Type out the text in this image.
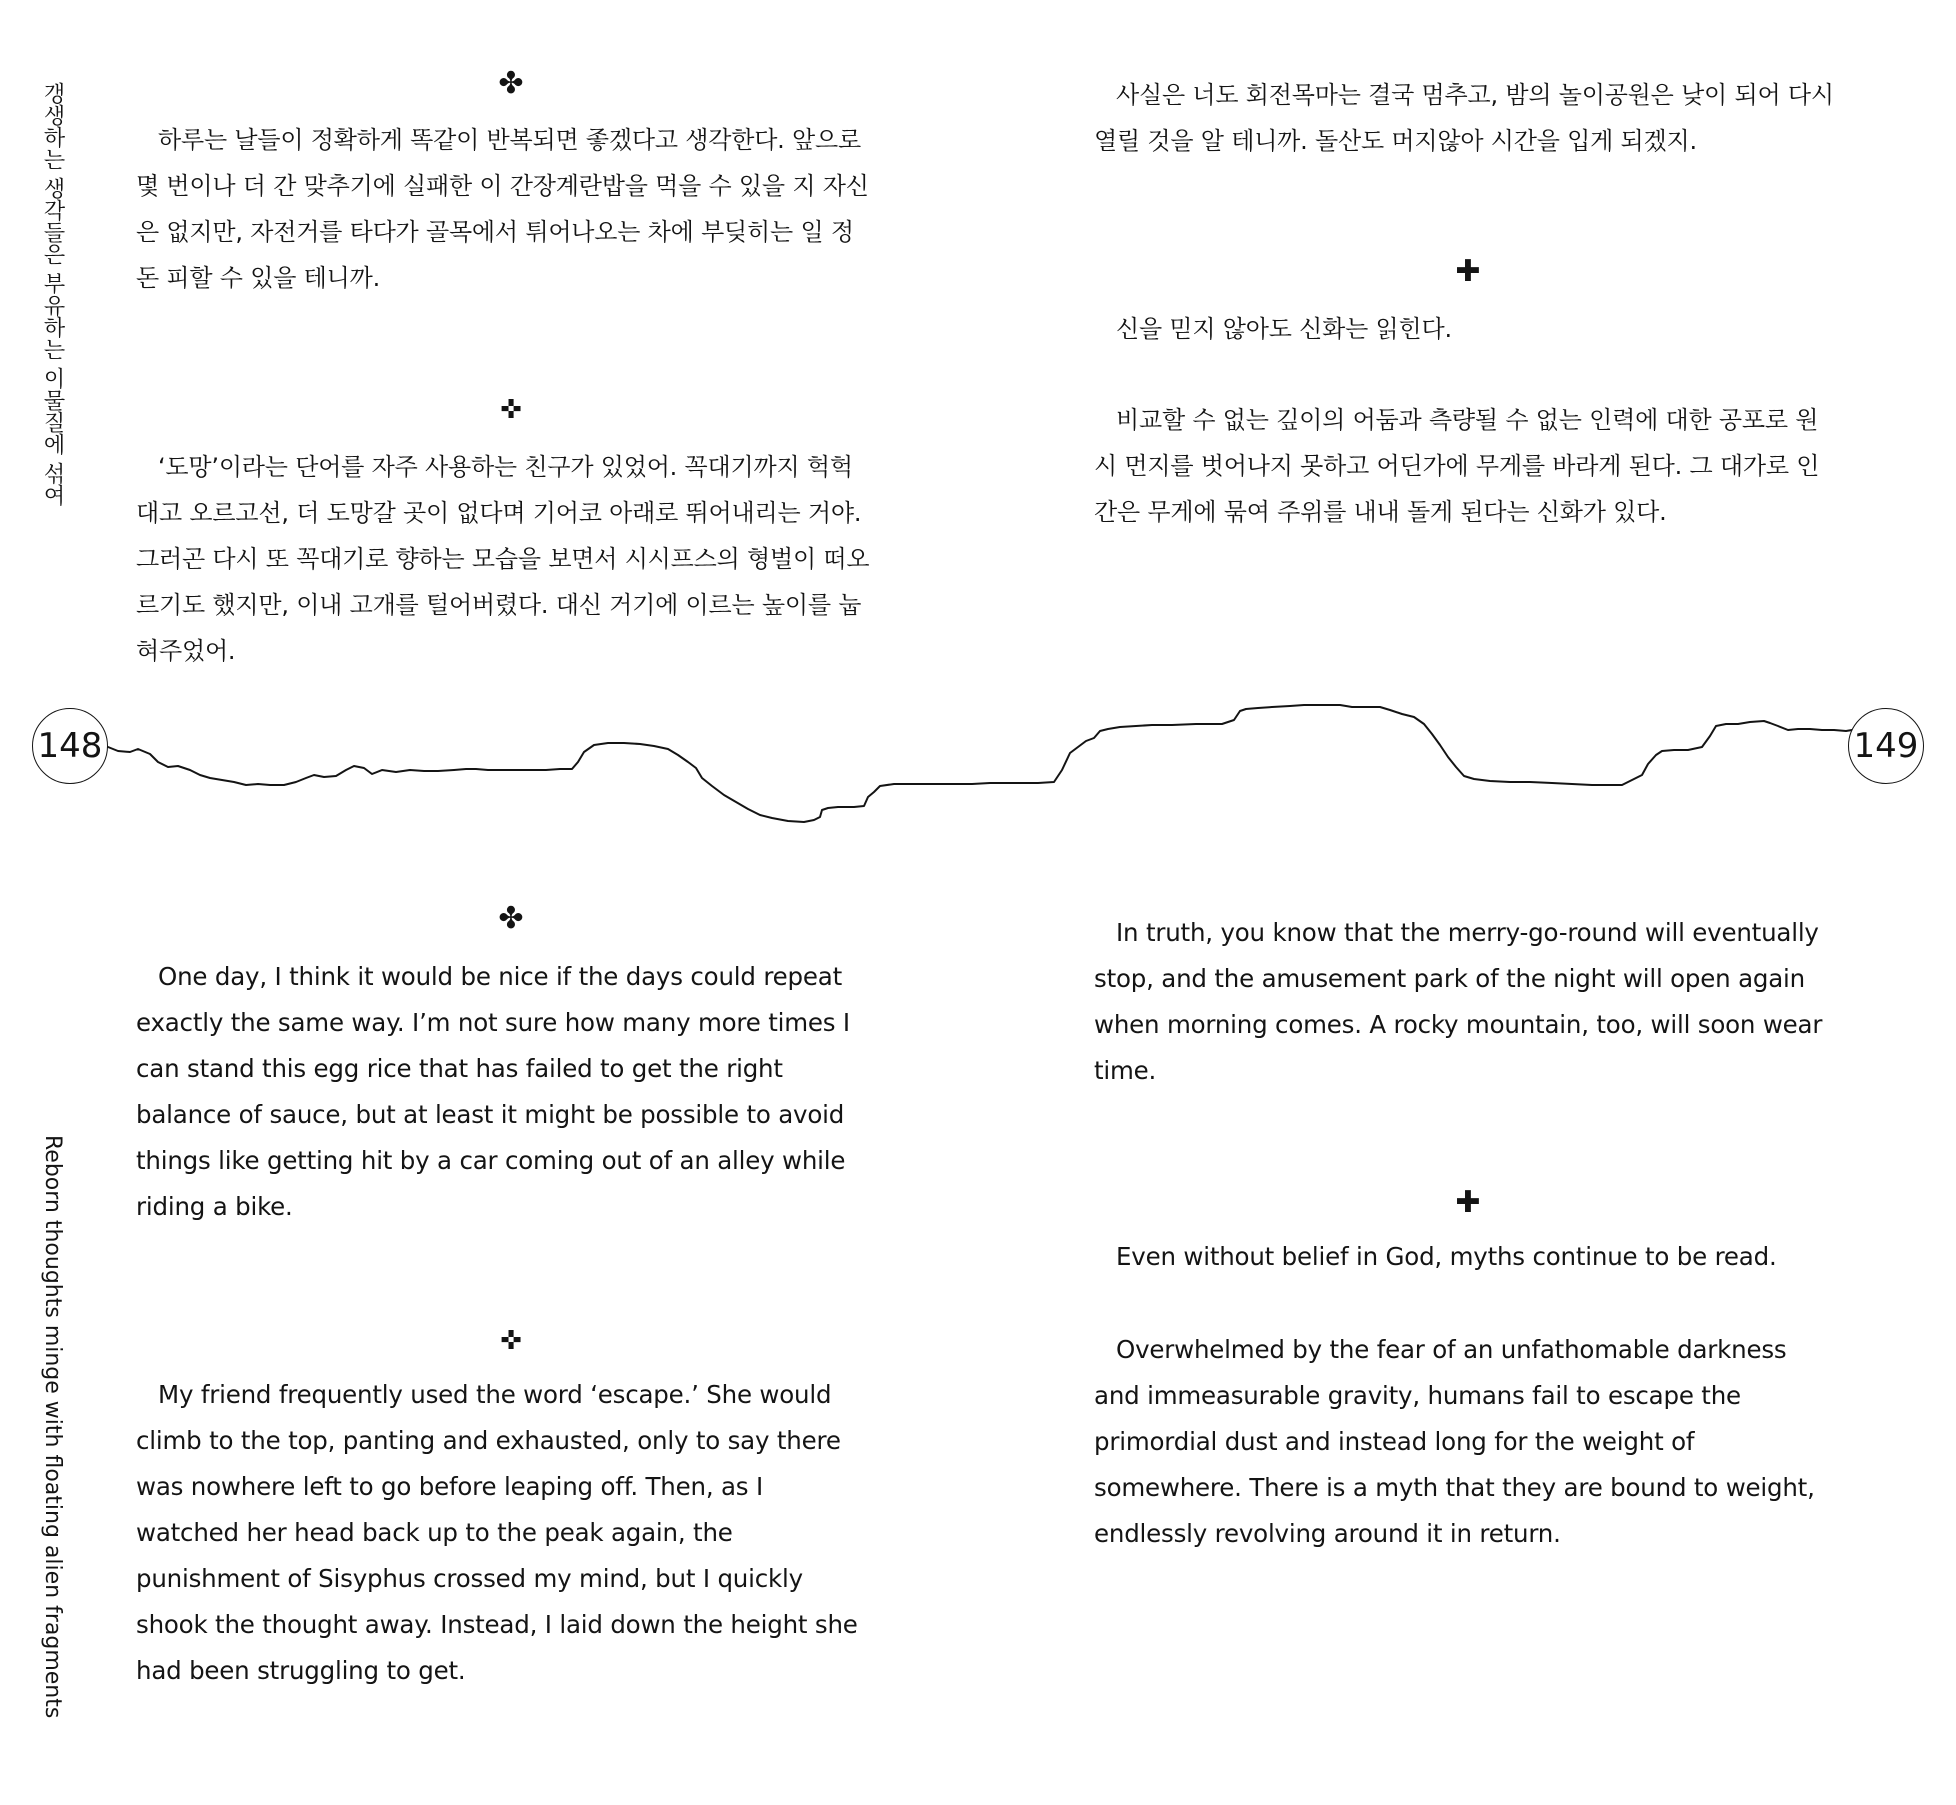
갱생하는 생각들은 부유하는 이물질에 섞여
Reborn thoughts minge with floating alien fragments
148	149
✤

하루는 날들이 정확하게 똑같이 반복되면 좋겠다고 생각한다. 앞으로 몇 번이나 더 간 맞추기에 실패한 이 간장계란밥을 먹을 수 있을 지 자신은 없지만, 자전거를 타다가 골목에서 튀어나오는 차에 부딪히는 일 정돈 피할 수 있을 테니까.

✜

‘도망’이라는 단어를 자주 사용하는 친구가 있었어. 꼭대기까지 헉헉대고 오르고선, 더 도망갈 곳이 없다며 기어코 아래로 뛰어내리는 거야. 그러곤 다시 또 꼭대기로 향하는 모습을 보면서 시시프스의 형벌이 떠오르기도 했지만, 이내 고개를 털어버렸다. 대신 거기에 이르는 높이를 눕혀주었어.

사실은 너도 회전목마는 결국 멈추고, 밤의 놀이공원은 낮이 되어 다시 열릴 것을 알 테니까. 돌산도 머지않아 시간을 입게 되겠지.

✚

신을 믿지 않아도 신화는 읽힌다.

비교할 수 없는 깊이의 어둠과 측량될 수 없는 인력에 대한 공포로 원시 먼지를 벗어나지 못하고 어딘가에 무게를 바라게 된다. 그 대가로 인간은 무게에 묶여 주위를 내내 돌게 된다는 신화가 있다.

✤

One day, I think it would be nice if the days could repeat exactly the same way. I’m not sure how many more times I can stand this egg rice that has failed to get the right balance of sauce, but at least it might be possible to avoid things like getting hit by a car coming out of an alley while riding a bike.

✜

My friend frequently used the word ‘escape.’ She would climb to the top, panting and exhausted, only to say there was nowhere left to go before leaping off. Then, as I watched her head back up to the peak again, the punishment of Sisyphus crossed my mind, but I quickly shook the thought away. Instead, I laid down the height she had been struggling to get.

In truth, you know that the merry-go-round will eventually stop, and the amusement park of the night will open again when morning comes. A rocky mountain, too, will soon wear time.

✚

Even without belief in God, myths continue to be read.

Overwhelmed by the fear of an unfathomable darkness and immeasurable gravity, humans fail to escape the primordial dust and instead long for the weight of somewhere. There is a myth that they are bound to weight, endlessly revolving around it in return.
